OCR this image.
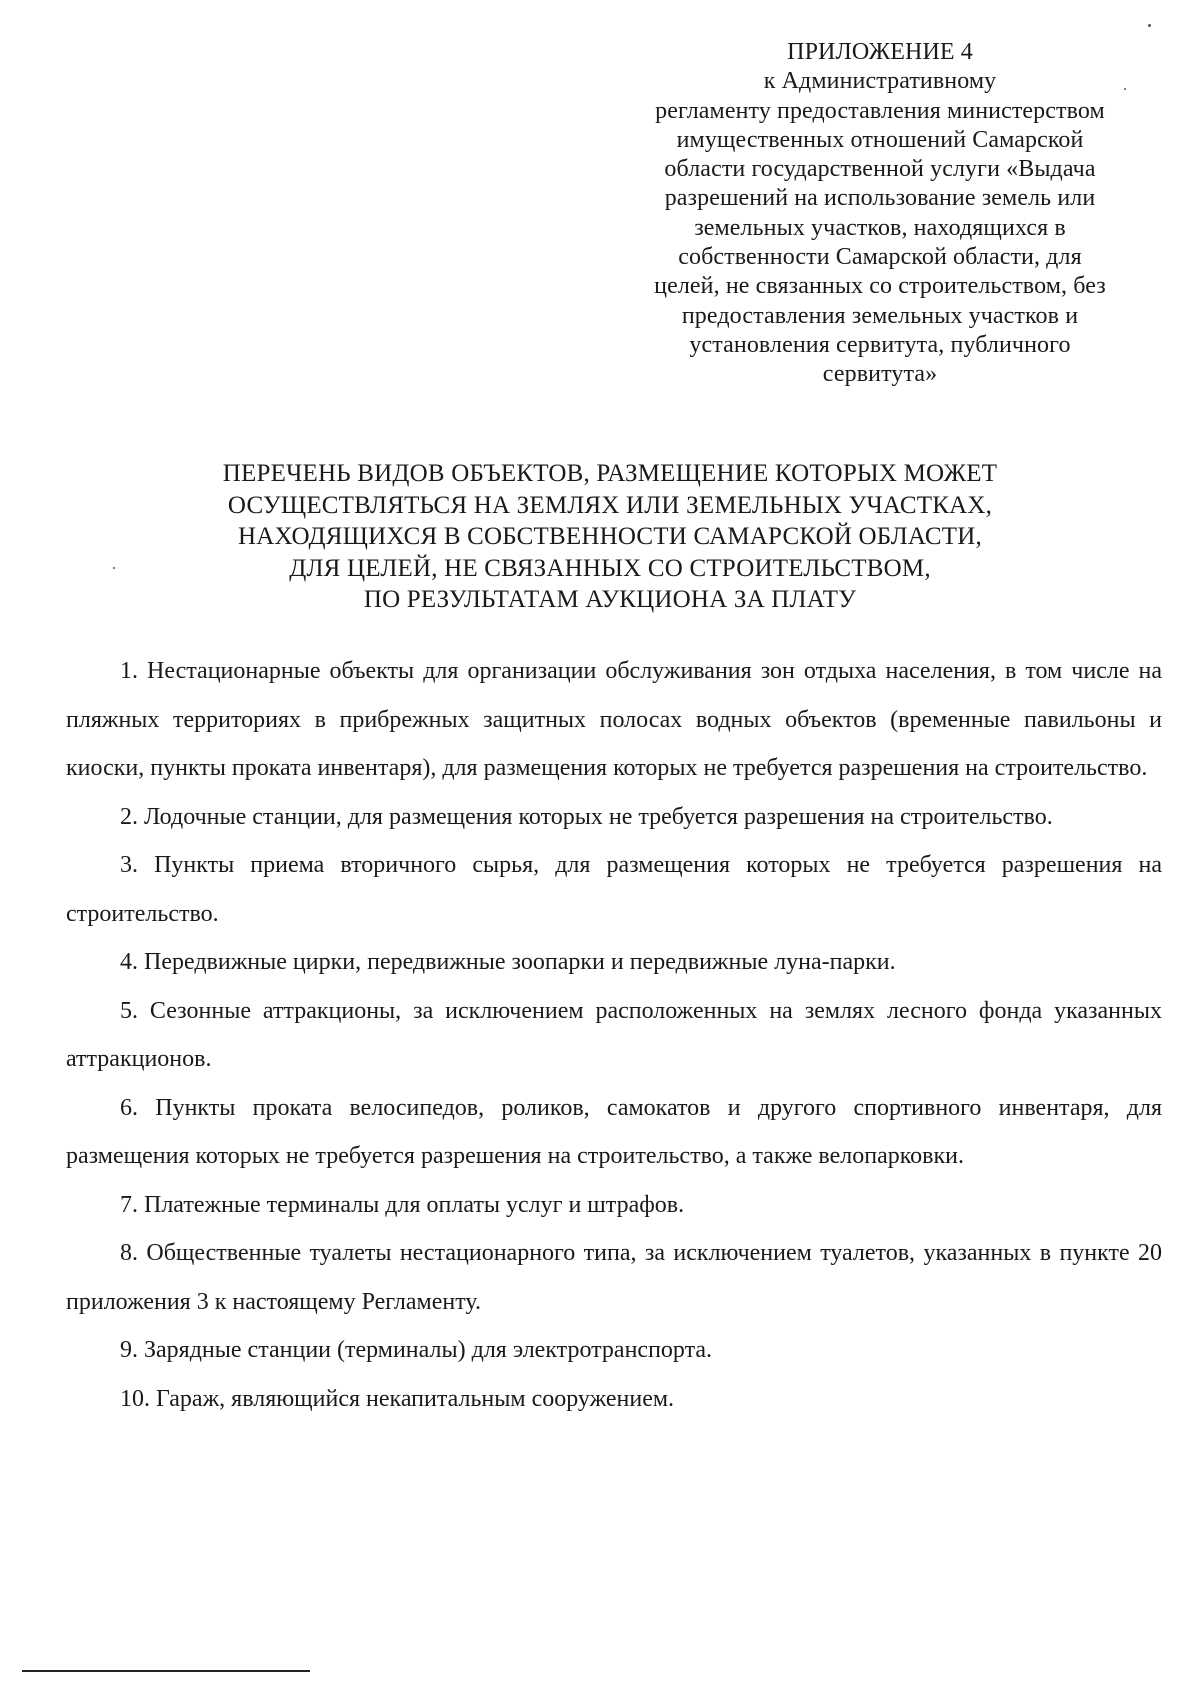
ПРИЛОЖЕНИЕ 4
к Административному
регламенту предоставления министерством
имущественных отношений Самарской
области государственной услуги «Выдача
разрешений на использование земель или
земельных участков, находящихся в
собственности Самарской области, для
целей, не связанных со строительством, без
предоставления земельных участков и
установления сервитута, публичного
сервитута»
ПЕРЕЧЕНЬ ВИДОВ ОБЪЕКТОВ, РАЗМЕЩЕНИЕ КОТОРЫХ МОЖЕТ
ОСУЩЕСТВЛЯТЬСЯ НА ЗЕМЛЯХ ИЛИ ЗЕМЕЛЬНЫХ УЧАСТКАХ,
НАХОДЯЩИХСЯ В СОБСТВЕННОСТИ САМАРСКОЙ ОБЛАСТИ,
ДЛЯ ЦЕЛЕЙ, НЕ СВЯЗАННЫХ СО СТРОИТЕЛЬСТВОМ,
ПО РЕЗУЛЬТАТАМ АУКЦИОНА ЗА ПЛАТУ

1. Нестационарные объекты для организации обслуживания зон отдыха населения, в том числе на пляжных территориях в прибрежных защитных полосах водных объектов (временные павильоны и киоски, пункты проката инвентаря), для размещения которых не требуется разрешения на строительство.

2. Лодочные станции, для размещения которых не требуется разрешения на строительство.

3. Пункты приема вторичного сырья, для размещения которых не требуется разрешения на строительство.

4. Передвижные цирки, передвижные зоопарки и передвижные луна-парки.

5. Сезонные аттракционы, за исключением расположенных на землях лесного фонда указанных аттракционов.

6. Пункты проката велосипедов, роликов, самокатов и другого спортивного инвентаря, для размещения которых не требуется разрешения на строительство, а также велопарковки.

7. Платежные терминалы для оплаты услуг и штрафов.

8. Общественные туалеты нестационарного типа, за исключением туалетов, указанных в пункте 20 приложения 3 к настоящему Регламенту.

9. Зарядные станции (терминалы) для электротранспорта.

10. Гараж, являющийся некапитальным сооружением.
